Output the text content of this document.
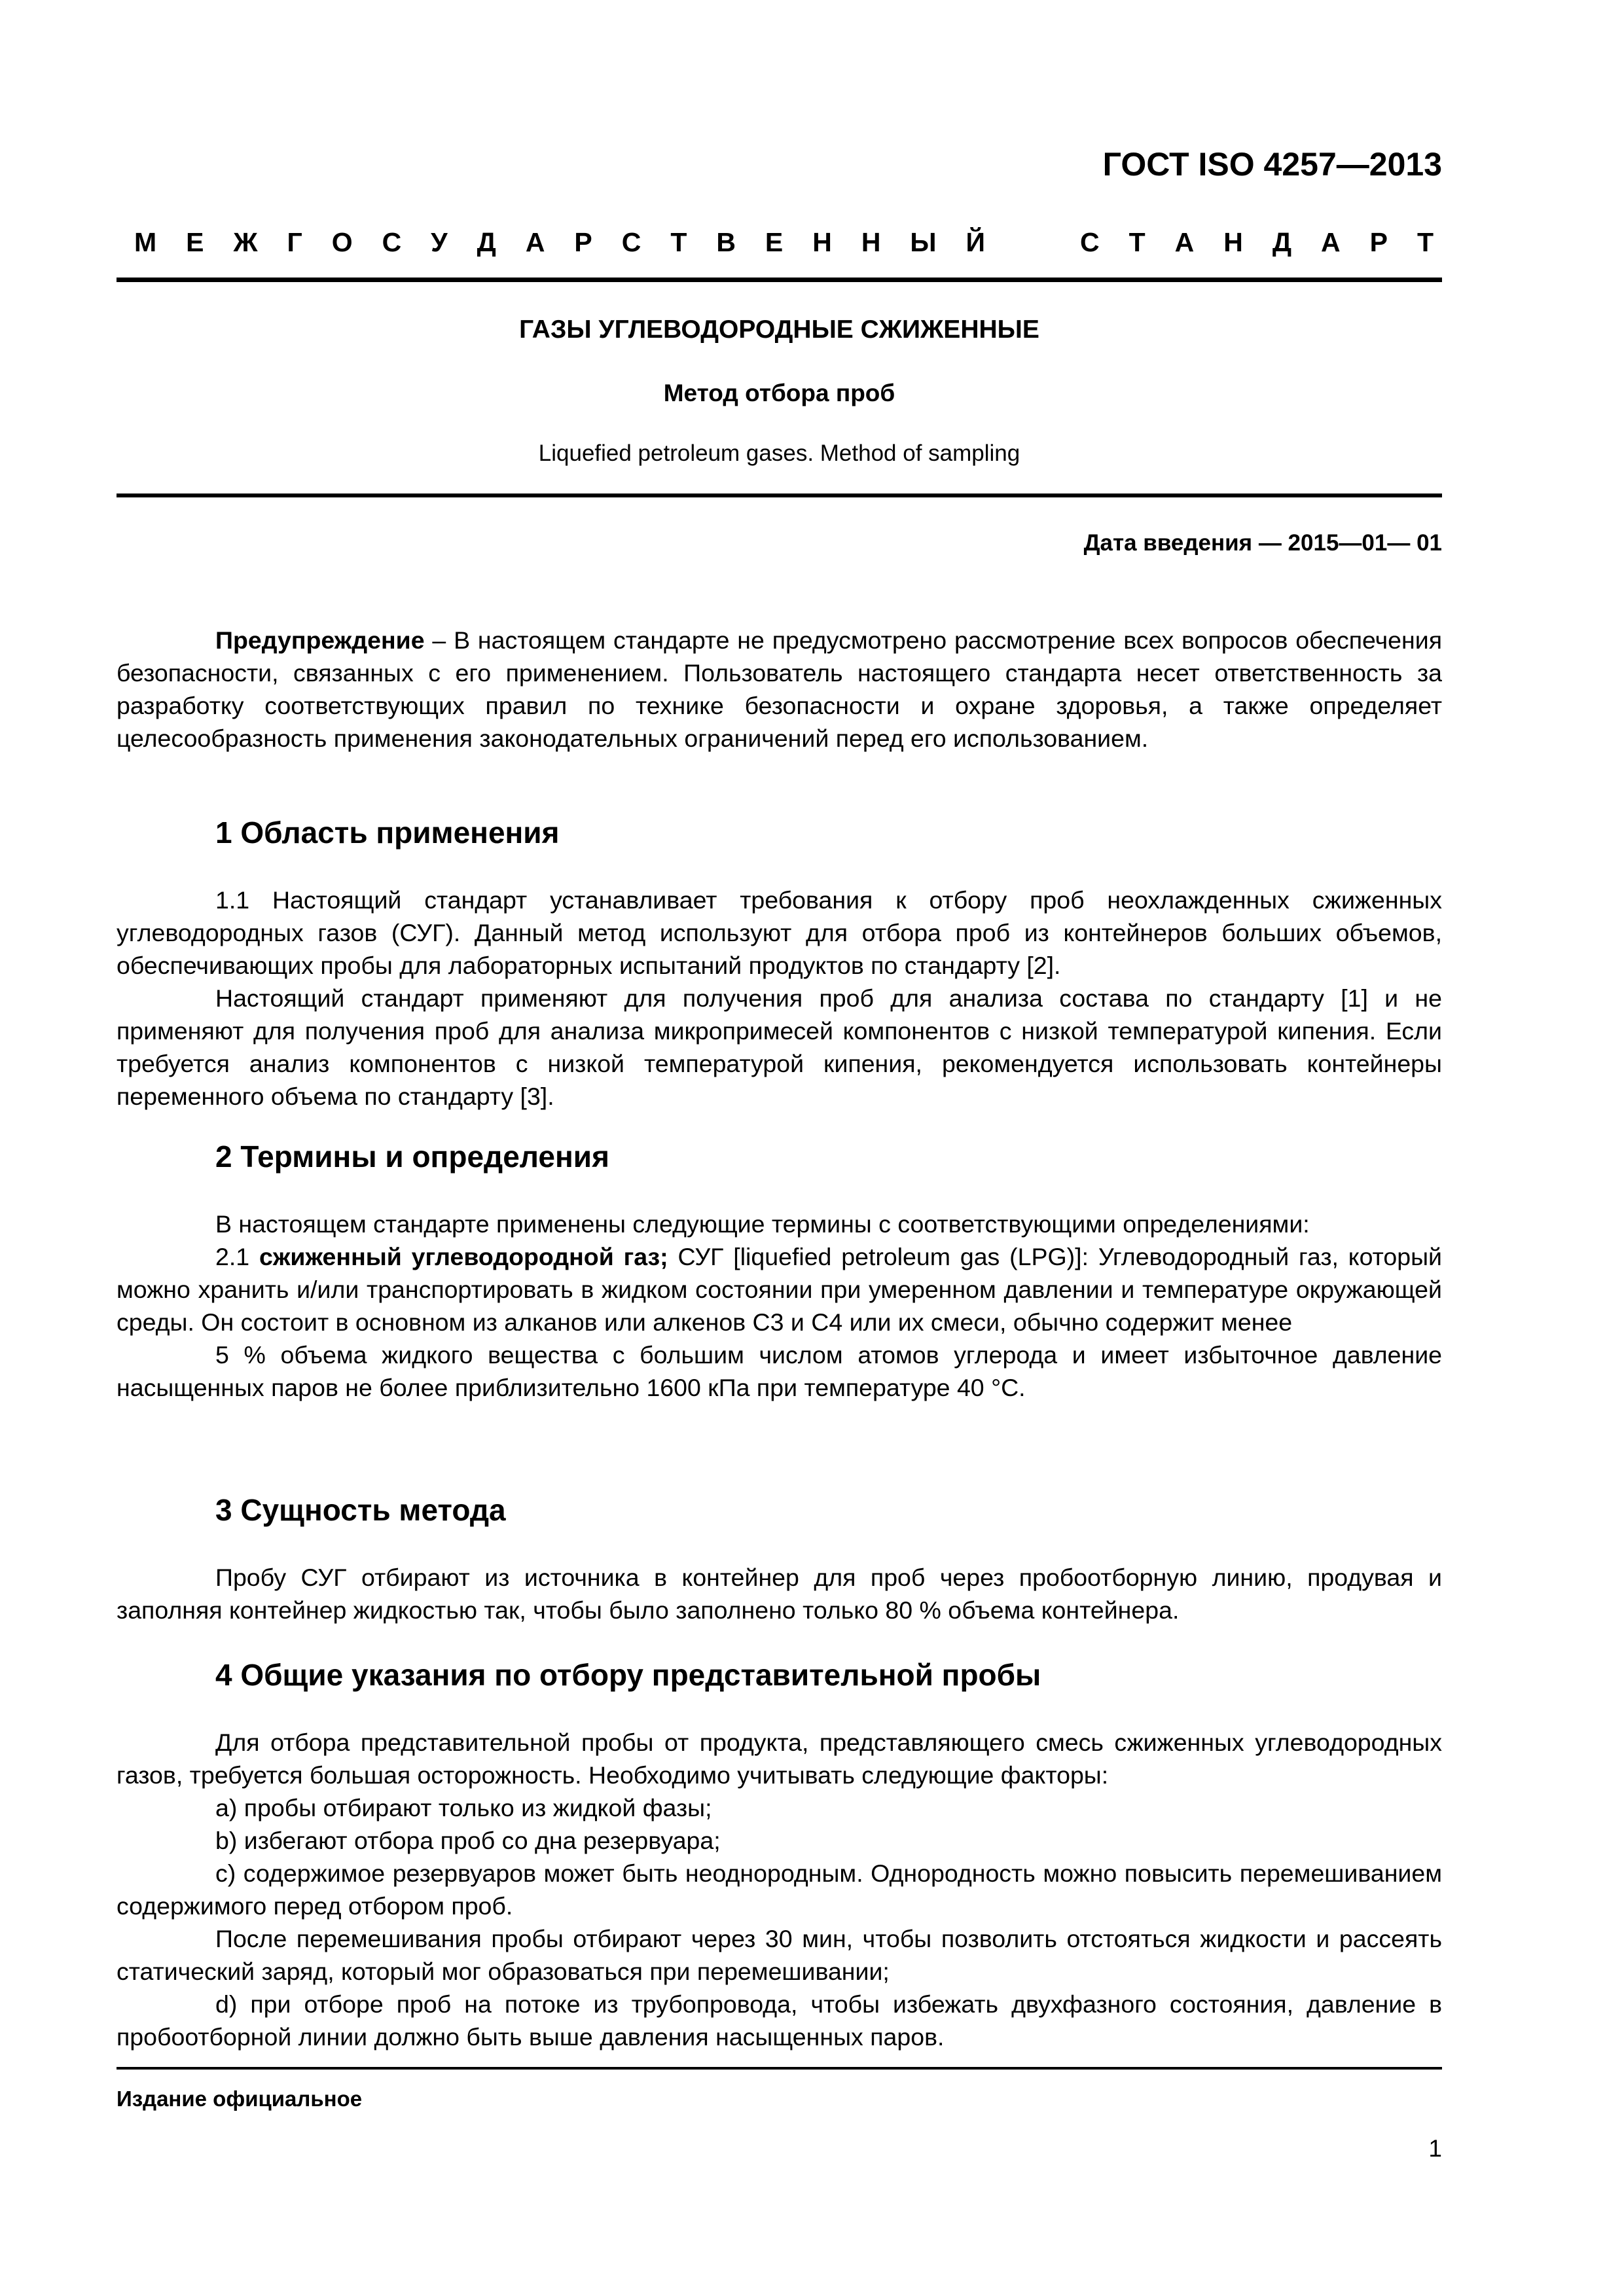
ГОСТ ISO 4257—2013
М Е Ж Г О С У Д А Р С Т В Е Н Н Ы Й	С Т А Н Д А Р Т
ГАЗЫ УГЛЕВОДОРОДНЫЕ СЖИЖЕННЫЕ
Метод отбора проб
Liquefied petroleum gases. Method of sampling
Дата введения — 2015—01— 01

Предупреждение – В настоящем стандарте не предусмотрено рассмотрение всех вопросов обеспечения безопасности, связанных с его применением. Пользователь настоящего стандарта несет ответственность за разработку соответствующих правил по технике безопасности и охране здоровья, а также определяет целесообразность применения законодательных ограничений перед его использованием.

1 Область применения

1.1 Настоящий стандарт устанавливает требования к отбору проб неохлажденных сжиженных углеводородных газов (СУГ). Данный метод используют для отбора проб из контейнеров больших объемов, обеспечивающих пробы для лабораторных испытаний продуктов по стандарту [2].

Настоящий стандарт применяют для получения проб для анализа состава по стандарту [1] и не применяют для получения проб для анализа микропримесей компонентов с низкой температурой кипения. Если требуется анализ компонентов с низкой температурой кипения, рекомендуется использовать контейнеры переменного объема по стандарту [3].

2 Термины и определения

В настоящем стандарте применены следующие термины с соответствующими определениями:

2.1 сжиженный углеводородной газ; СУГ [liquefied petroleum gas (LPG)]: Углеводородный газ, который можно хранить и/или транспортировать в жидком состоянии при умеренном давлении и температуре окружающей среды. Он состоит в основном из алканов или алкенов С3 и С4 или их смеси, обычно содержит менее

5 % объема жидкого вещества с большим числом атомов углерода и имеет избыточное давление насыщенных паров не более приблизительно 1600 кПа при температуре 40 °С.

3 Сущность метода

Пробу СУГ отбирают из источника в контейнер для проб через пробоотборную линию, продувая и заполняя контейнер жидкостью так, чтобы было заполнено только 80 % объема контейнера.

4 Общие указания по отбору представительной пробы

Для отбора представительной пробы от продукта, представляющего смесь сжиженных углеводородных газов, требуется большая осторожность. Необходимо учитывать следующие факторы:

a) пробы отбирают только из жидкой фазы;

b) избегают отбора проб со дна резервуара;

c) содержимое резервуаров может быть неоднородным. Однородность можно повысить перемешиванием содержимого перед отбором проб.

После перемешивания пробы отбирают через 30 мин, чтобы позволить отстояться жидкости и рассеять статический заряд, который мог образоваться при перемешивании;

d) при отборе проб на потоке из трубопровода, чтобы избежать двухфазного состояния, давление в пробоотборной линии должно быть выше давления насыщенных паров.

Издание официальное
1
